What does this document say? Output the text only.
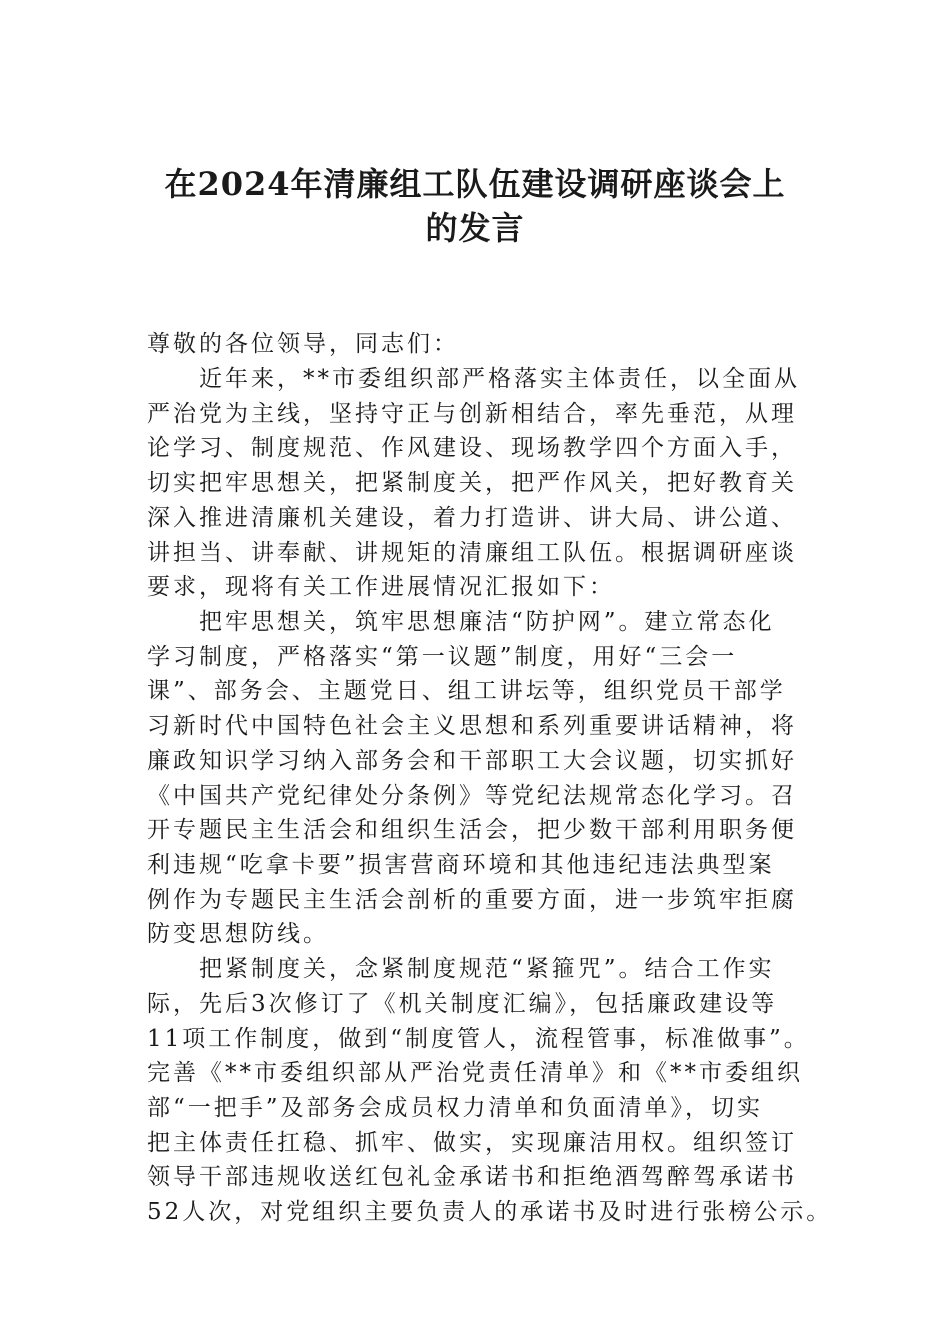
在2024年清廉组工队伍建设调研座谈会上
的发言

尊敬的各位领导，同志们：

　　近年来，**市委组织部严格落实主体责任，以全面从

严治党为主线，坚持守正与创新相结合，率先垂范，从理

论学习、制度规范、作风建设、现场教学四个方面入手，

切实把牢思想关，把紧制度关，把严作风关，把好教育关

深入推进清廉机关建设，着力打造讲、讲大局、讲公道、

讲担当、讲奉献、讲规矩的清廉组工队伍。根据调研座谈

要求，现将有关工作进展情况汇报如下：

　　把牢思想关，筑牢思想廉洁“防护网”。建立常态化

学习制度，严格落实“第一议题”制度，用好“三会一

课”、部务会、主题党日、组工讲坛等，组织党员干部学

习新时代中国特色社会主义思想和系列重要讲话精神，将

廉政知识学习纳入部务会和干部职工大会议题，切实抓好

《中国共产党纪律处分条例》等党纪法规常态化学习。召

开专题民主生活会和组织生活会，把少数干部利用职务便

利违规“吃拿卡要”损害营商环境和其他违纪违法典型案

例作为专题民主生活会剖析的重要方面，进一步筑牢拒腐

防变思想防线。

　　把紧制度关，念紧制度规范“紧箍咒”。结合工作实

际，先后3次修订了《机关制度汇编》，包括廉政建设等

11项工作制度，做到“制度管人，流程管事，标准做事”。

完善《**市委组织部从严治党责任清单》和《**市委组织

部“一把手”及部务会成员权力清单和负面清单》，切实

把主体责任扛稳、抓牢、做实，实现廉洁用权。组织签订

领导干部违规收送红包礼金承诺书和拒绝酒驾醉驾承诺书

52人次，对党组织主要负责人的承诺书及时进行张榜公示。
